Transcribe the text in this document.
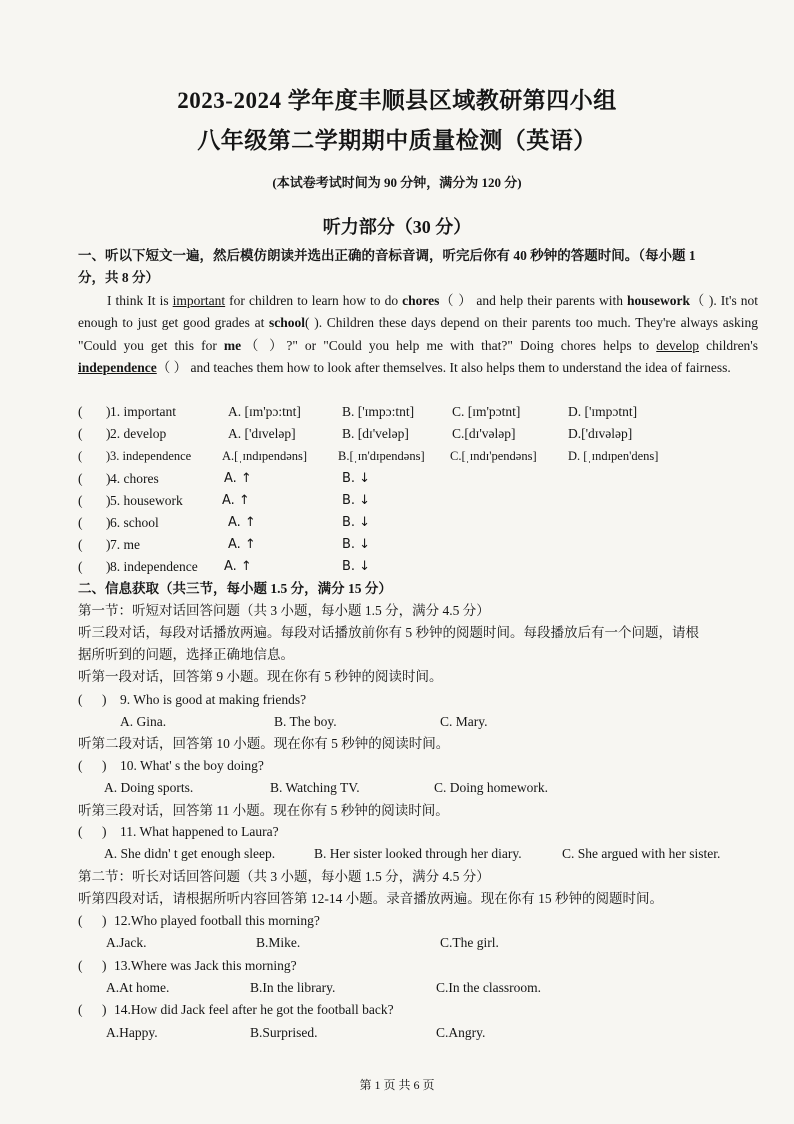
2023-2024 学年度丰顺县区域教研第四小组
八年级第二学期期中质量检测（英语）
(本试卷考试时间为 90 分钟，满分为 120 分)
听力部分（30 分）
一、听以下短文一遍，然后模仿朗读并选出正确的音标音调，听完后你有 40 秒钟的答题时间。（每小题 1
分，共 8 分）
I think It is important for children to learn how to do chores（ ） and help their parents with housework（ ). It's not enough to just get good grades at school( ). Children these days depend on their parents too much. They're always asking "Could you get this for me（ ）?" or "Could you help me with that?" Doing chores helps to develop children's independence（ ） and teaches them how to look after themselves. It also helps them to understand the idea of fairness.
( ) 1. important	A. [ɪm'pɔ:tnt]	B. ['ɪmpɔ:tnt]	C. [ɪm'pɔtnt]	D. ['ɪmpɔtnt]
( ) 2. develop	A. ['dɪveləp]	B. [dɪ'veləp]	C.[dɪ'vələp]	D.['dɪvələp]
( ) 3. independence A.[ˌɪndɪpendəns] B.[ˌɪn'dɪpendəns] C.[ˌɪndɪ'pendəns]	D. [ˌɪndɪpen'dens]
( ) 4. chores	A. ↑	B. ↓
( ) 5. housework	A. ↑	B. ↓
( ) 6. school	A. ↑	B. ↓
( ) 7. me	A. ↑	B. ↓
( ) 8. independence A. ↑	B. ↓
二、信息获取（共三节，每小题 1.5 分，满分 15 分）
第一节：听短对话回答问题（共 3 小题，每小题 1.5 分，满分 4.5 分）
听三段对话，每段对话播放两遍。每段对话播放前你有 5 秒钟的阅题时间。每段播放后有一个问题，请根
据所听到的问题，选择正确地信息。
听第一段对话，回答第 9 小题。现在你有 5 秒钟的阅读时间。
( ) 9. Who is good at making friends?
A. Gina.	B. The boy.	C. Mary.
听第二段对话，回答第 10 小题。现在你有 5 秒钟的阅读时间。
( ) 10. What' s the boy doing?
A. Doing sports.	B. Watching TV.	C. Doing homework.
听第三段对话，回答第 11 小题。现在你有 5 秒钟的阅读时间。
( ) 11. What happened to Laura?
A. She didn' t get enough sleep.	B. Her sister looked through her diary.	C. She argued with her sister.
第二节：听长对话回答问题（共 3 小题，每小题 1.5 分，满分 4.5 分）
听第四段对话，请根据所听内容回答第 12-14 小题。录音播放两遍。现在你有 15 秒钟的阅题时间。
( ) 12.Who played football this morning?
A.Jack.	B.Mike.	C.The girl.
( ) 13.Where was Jack this morning?
A.At home.	B.In the library.	C.In the classroom.
( ) 14.How did Jack feel after he got the football back?
A.Happy.	B.Surprised.	C.Angry.
第 1 页 共 6 页
